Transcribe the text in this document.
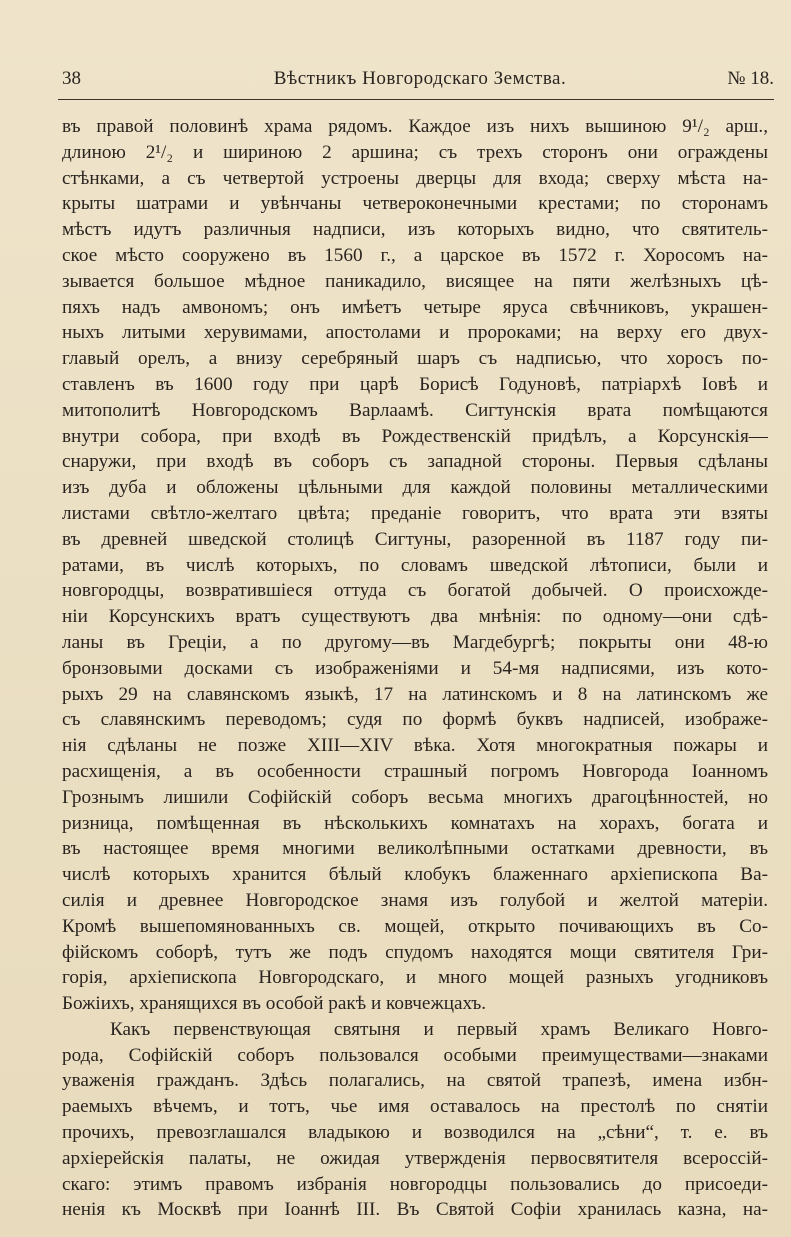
38	Вѣстникъ Новгородскаго Земства.	№ 18.
въ правой половинѣ храма рядомъ. Каждое изъ нихъ вышиною 9¹/₂ арш.,
длиною 2¹/₂ и шириною 2 аршина; съ трехъ сторонъ они ограждены
стѣнками, а съ четвертой устроены дверцы для входа; сверху мѣста на-
крыты шатрами и увѣнчаны четвероконечными крестами; по сторонамъ
мѣстъ идутъ различныя надписи, изъ которыхъ видно, что святитель-
ское мѣсто сооружено въ 1560 г., а царское въ 1572 г. Хоросомъ на-
зывается большое мѣдное паникадило, висящее на пяти желѣзныхъ цѣ-
пяхъ надъ амвономъ; онъ имѣетъ четыре яруса свѣчниковъ, украшен-
ныхъ литыми херувимами, апостолами и пророками; на верху его двух-
главый орелъ, а внизу серебряный шаръ съ надписью, что хоросъ по-
ставленъ въ 1600 году при царѣ Борисѣ Годуновѣ, патріархѣ Іовѣ и
митополитѣ Новгородскомъ Варлаамѣ. Сигтунскія врата помѣщаются
внутри собора, при входѣ въ Рождественскій придѣлъ, а Корсунскія—
снаружи, при входѣ въ соборъ съ западной стороны. Первыя сдѣланы
изъ дуба и обложены цѣльными для каждой половины металлическими
листами свѣтло-желтаго цвѣта; преданіе говоритъ, что врата эти взяты
въ древней шведской столицѣ Сигтуны, разоренной въ 1187 году пи-
ратами, въ числѣ которыхъ, по словамъ шведской лѣтописи, были и
новгородцы, возвратившіеся оттуда съ богатой добычей. О происхожде-
ніи Корсунскихъ вратъ существуютъ два мнѣнія: по одному—они сдѣ-
ланы въ Греціи, а по другому—въ Магдебургѣ; покрыты они 48-ю
бронзовыми досками съ изображеніями и 54-мя надписями, изъ кото-
рыхъ 29 на славянскомъ языкѣ, 17 на латинскомъ и 8 на латинскомъ же
съ славянскимъ переводомъ; судя по формѣ буквъ надписей, изображе-
нія сдѣланы не позже XIII—XIV вѣка. Хотя многократныя пожары и
расхищенія, а въ особенности страшный погромъ Новгорода Іоанномъ
Грознымъ лишили Софійскій соборъ весьма многихъ драгоцѣнностей, но
ризница, помѣщенная въ нѣсколькихъ комнатахъ на хорахъ, богата и
въ настоящее время многими великолѣпными остатками древности, въ
числѣ которыхъ хранится бѣлый клобукъ блаженнаго архіепископа Ва-
силія и древнее Новгородское знамя изъ голубой и желтой матеріи.
Кромѣ вышепомянованныхъ св. мощей, открыто почивающихъ въ Со-
фійскомъ соборѣ, тутъ же подъ спудомъ находятся мощи святителя Гри-
горія, архіепископа Новгородскаго, и много мощей разныхъ угодниковъ
Божіихъ, хранящихся въ особой ракѣ и ковчежцахъ.
Какъ первенствующая святыня и первый храмъ Великаго Новго-
рода, Софійскій соборъ пользовался особыми преимуществами—знаками
уваженія гражданъ. Здѣсь полагались, на святой трапезѣ, имена избн-
раемыхъ вѣчемъ, и тотъ, чье имя оставалось на престолѣ по снятіи
прочихъ, превозглашался владыкою и возводился на „сѣни“, т. е. въ
архіерейскія палаты, не ожидая утвержденія первосвятителя всероссій-
скаго: этимъ правомъ избранія новгородцы пользовались до присоеди-
ненія къ Москвѣ при Іоаннѣ III. Въ Святой Софіи хранилась казна, на-
